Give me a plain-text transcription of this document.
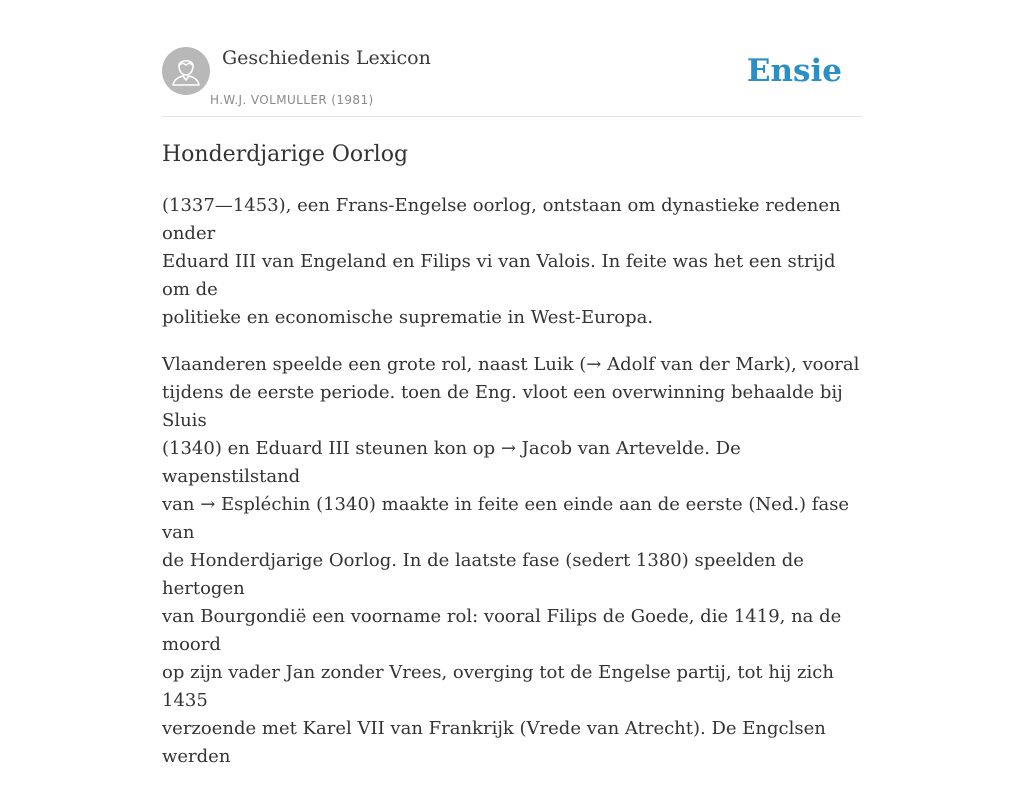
Geschiedenis Lexicon
H.W.J. VOLMULLER (1981)
Ensie
Honderdjarige Oorlog

(1337—1453), een Frans-Engelse oorlog, ontstaan om dynastieke redenen onder
Eduard III van Engeland en Filips vi van Valois. In feite was het een strijd om de
politieke en economische suprematie in West-Europa.

Vlaanderen speelde een grote rol, naast Luik (→ Adolf van der Mark), vooral
tijdens de eerste periode. toen de Eng. vloot een overwinning behaalde bij Sluis
(1340) en Eduard III steunen kon op → Jacob van Artevelde. De wapenstilstand
van → Espléchin (1340) maakte in feite een einde aan de eerste (Ned.) fase van
de Honderdjarige Oorlog. In de laatste fase (sedert 1380) speelden de hertogen
van Bourgondië een voorname rol: vooral Filips de Goede, die 1419, na de moord
op zijn vader Jan zonder Vrees, overging tot de Engelse partij, tot hij zich 1435
verzoende met Karel VII van Frankrijk (Vrede van Atrecht). De Engclsen werden
